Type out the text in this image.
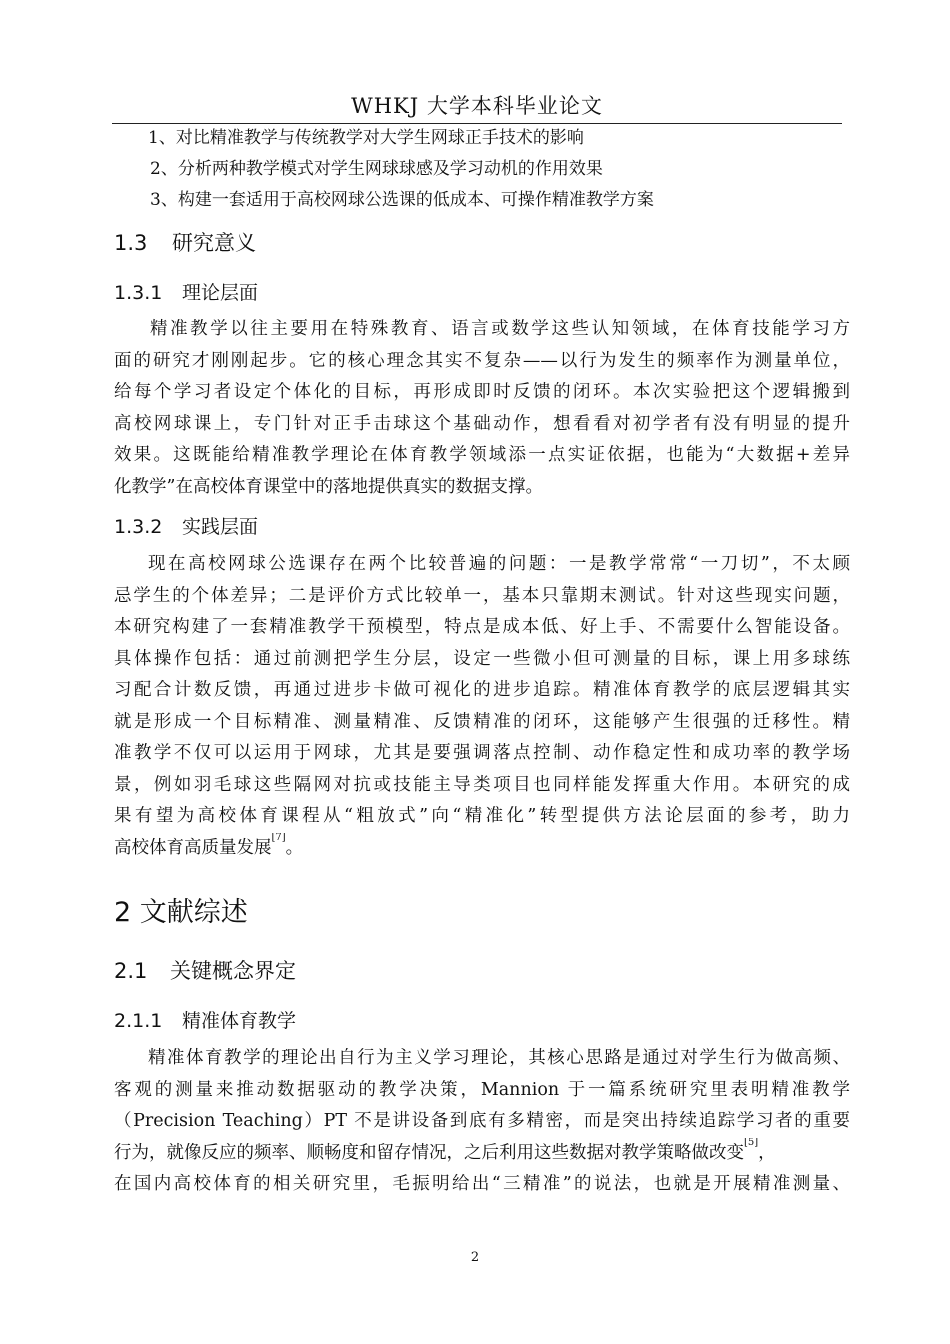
WHKJ 大学本科毕业论文
1、对比精准教学与传统教学对大学生网球正手技术的影响
2、分析两种教学模式对学生网球球感及学习动机的作用效果
3、构建一套适用于高校网球公选课的低成本、可操作精准教学方案
1.3 研究意义
1.3.1 理论层面
精准教学以往主要用在特殊教育、语言或数学这些认知领域，在体育技能学习方
面的研究才刚刚起步。它的核心理念其实不复杂——以行为发生的频率作为测量单位，
给每个学习者设定个体化的目标，再形成即时反馈的闭环。本次实验把这个逻辑搬到
高校网球课上，专门针对正手击球这个基础动作，想看看对初学者有没有明显的提升
效果。这既能给精准教学理论在体育教学领域添一点实证依据，也能为“大数据+差异
化教学”在高校体育课堂中的落地提供真实的数据支撑。
1.3.2 实践层面
现在高校网球公选课存在两个比较普遍的问题：一是教学常常“一刀切”，不太顾
忌学生的个体差异；二是评价方式比较单一，基本只靠期末测试。针对这些现实问题，
本研究构建了一套精准教学干预模型，特点是成本低、好上手、不需要什么智能设备。
具体操作包括：通过前测把学生分层，设定一些微小但可测量的目标，课上用多球练
习配合计数反馈，再通过进步卡做可视化的进步追踪。精准体育教学的底层逻辑其实
就是形成一个目标精准、测量精准、反馈精准的闭环，这能够产生很强的迁移性。精
准教学不仅可以运用于网球，尤其是要强调落点控制、动作稳定性和成功率的教学场
景，例如羽毛球这些隔网对抗或技能主导类项目也同样能发挥重大作用。本研究的成
果有望为高校体育课程从“粗放式”向“精准化”转型提供方法论层面的参考，助力
高校体育高质量发展[7]。
2 文献综述
2.1 关键概念界定
2.1.1 精准体育教学
精准体育教学的理论出自行为主义学习理论，其核心思路是通过对学生行为做高频、
客观的测量来推动数据驱动的教学决策，Mannion 于一篇系统研究里表明精准教学
（Precision Teaching）PT 不是讲设备到底有多精密，而是突出持续追踪学习者的重要
行为，就像反应的频率、顺畅度和留存情况，之后利用这些数据对教学策略做改变[5]，
在国内高校体育的相关研究里，毛振明给出“三精准”的说法，也就是开展精准测量、
2
